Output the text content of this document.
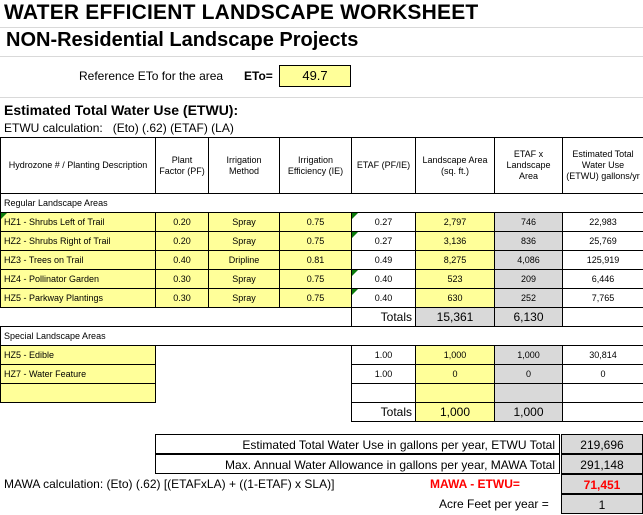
WATER EFFICIENT LANDSCAPE WORKSHEET
NON-Residential Landscape Projects
Reference ETo for the area ETo=	49.7
Estimated Total Water Use (ETWU):
ETWU calculation: (Eto) (.62) (ETAF) (LA)
Hydrozone # / Planting Description	Plant Factor (PF)	Irrigation Method	Irrigation Efficiency (IE)	ETAF (PF/IE)	Landscape Area (sq. ft.)	ETAF x Landscape Area	Estimated Total Water Use (ETWU) gallons/yr
Regular Landscape Areas							
HZ1 - Shrubs Left of Trail	0.20	Spray	0.75	0.27	2,797	746	22,983
HZ2 - Shrubs Right of Trail	0.20	Spray	0.75	0.27	3,136	836	25,769
HZ3 - Trees on Trail	0.40	Dripline	0.81	0.49	8,275	4,086	125,919
HZ4 - Pollinator Garden	0.30	Spray	0.75	0.40	523	209	6,446
HZ5 - Parkway Plantings	0.30	Spray	0.75	0.40	630	252	7,765
				Totals	15,361	6,130	
Special Landscape Areas							
HZ5 - Edible				1.00	1,000	1,000	30,814
HZ7 - Water Feature				1.00	0	0	0

				Totals	1,000	1,000	
Estimated Total Water Use in gallons per year, ETWU Total	219,696
Max. Annual Water Allowance in gallons per year, MAWA Total	291,148
MAWA calculation: (Eto) (.62) [(ETAFxLA) + ((1-ETAF) x SLA)]	MAWA - ETWU=	71,451
Acre Feet per year =	1
